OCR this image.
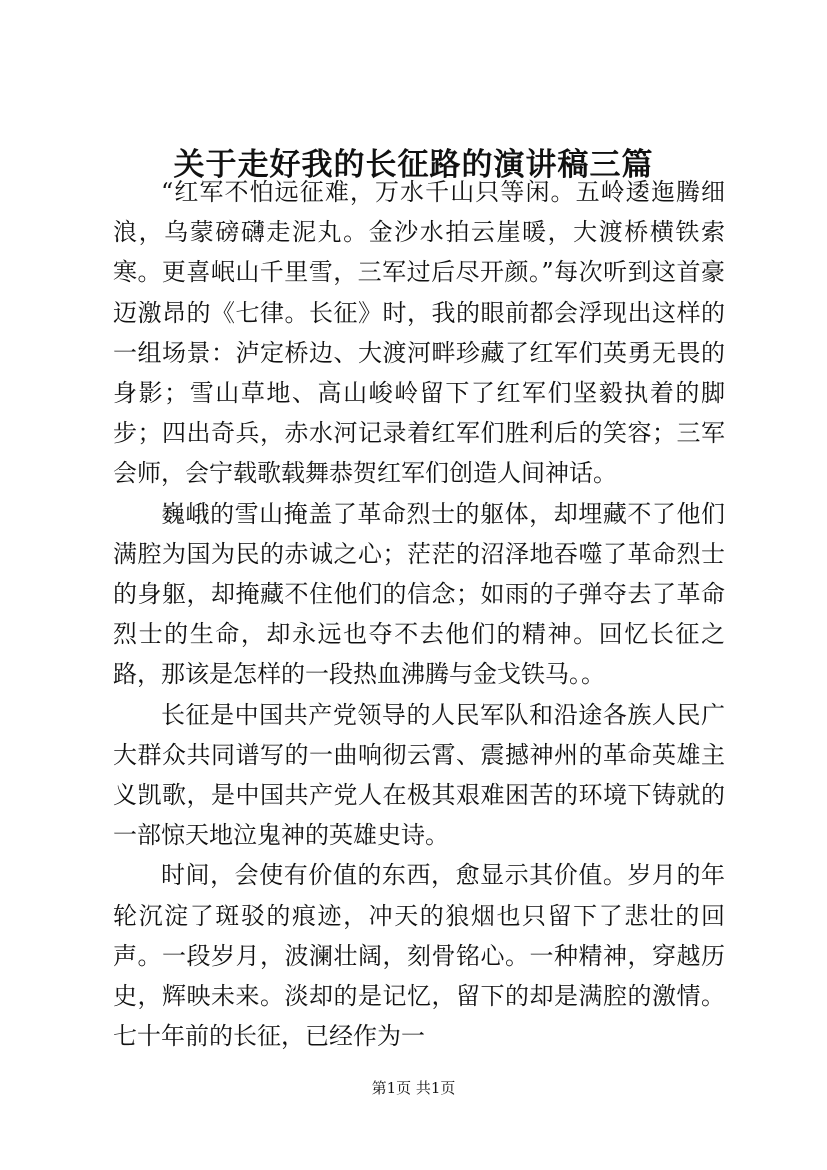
关于走好我的长征路的演讲稿三篇

“红军不怕远征难，万水千山只等闲。五岭逶迤腾细浪，乌蒙磅礴走泥丸。金沙水拍云崖暖，大渡桥横铁索寒。更喜岷山千里雪，三军过后尽开颜。”每次听到这首豪迈激昂的《七律。长征》时，我的眼前都会浮现出这样的一组场景：泸定桥边、大渡河畔珍藏了红军们英勇无畏的身影；雪山草地、高山峻岭留下了红军们坚毅执着的脚步；四出奇兵，赤水河记录着红军们胜利后的笑容；三军会师，会宁载歌载舞恭贺红军们创造人间神话。

巍峨的雪山掩盖了革命烈士的躯体，却埋藏不了他们满腔为国为民的赤诚之心；茫茫的沼泽地吞噬了革命烈士的身躯，却掩藏不住他们的信念；如雨的子弹夺去了革命烈士的生命，却永远也夺不去他们的精神。回忆长征之路，那该是怎样的一段热血沸腾与金戈铁马。。

长征是中国共产党领导的人民军队和沿途各族人民广大群众共同谱写的一曲响彻云霄、震撼神州的革命英雄主义凯歌，是中国共产党人在极其艰难困苦的环境下铸就的一部惊天地泣鬼神的英雄史诗。

时间，会使有价值的东西，愈显示其价值。岁月的年轮沉淀了斑驳的痕迹，冲天的狼烟也只留下了悲壮的回声。一段岁月，波澜壮阔，刻骨铭心。一种精神，穿越历史，辉映未来。淡却的是记忆，留下的却是满腔的激情。七十年前的长征，已经作为一

第1页 共1页
